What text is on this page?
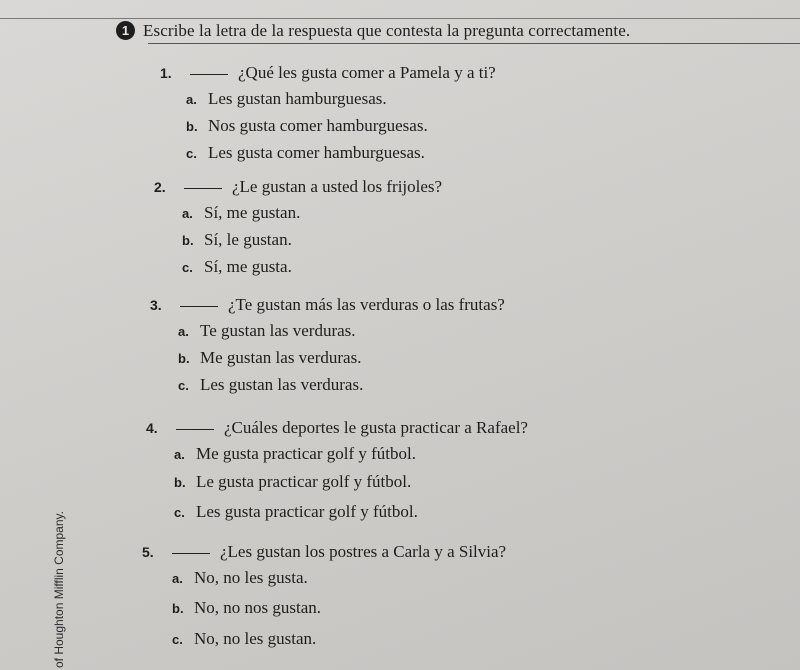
1 Escribe la letra de la respuesta que contesta la pregunta correctamente.
1.	¿Qué les gusta comer a Pamela y a ti?
a. Les gustan hamburguesas.
b. Nos gusta comer hamburguesas.
c. Les gusta comer hamburguesas.
2.	¿Le gustan a usted los frijoles?
a. Sí, me gustan.
b. Sí, le gustan.
c. Sí, me gusta.
3.	¿Te gustan más las verduras o las frutas?
a. Te gustan las verduras.
b. Me gustan las verduras.
c. Les gustan las verduras.
4.	¿Cuáles deportes le gusta practicar a Rafael?
a. Me gusta practicar golf y fútbol.
b. Le gusta practicar golf y fútbol.
c. Les gusta practicar golf y fútbol.
5.	¿Les gustan los postres a Carla y a Silvia?
a. No, no les gusta.
b. No, no nos gustan.
c. No, no les gustan.
of Houghton Mifflin Company.
